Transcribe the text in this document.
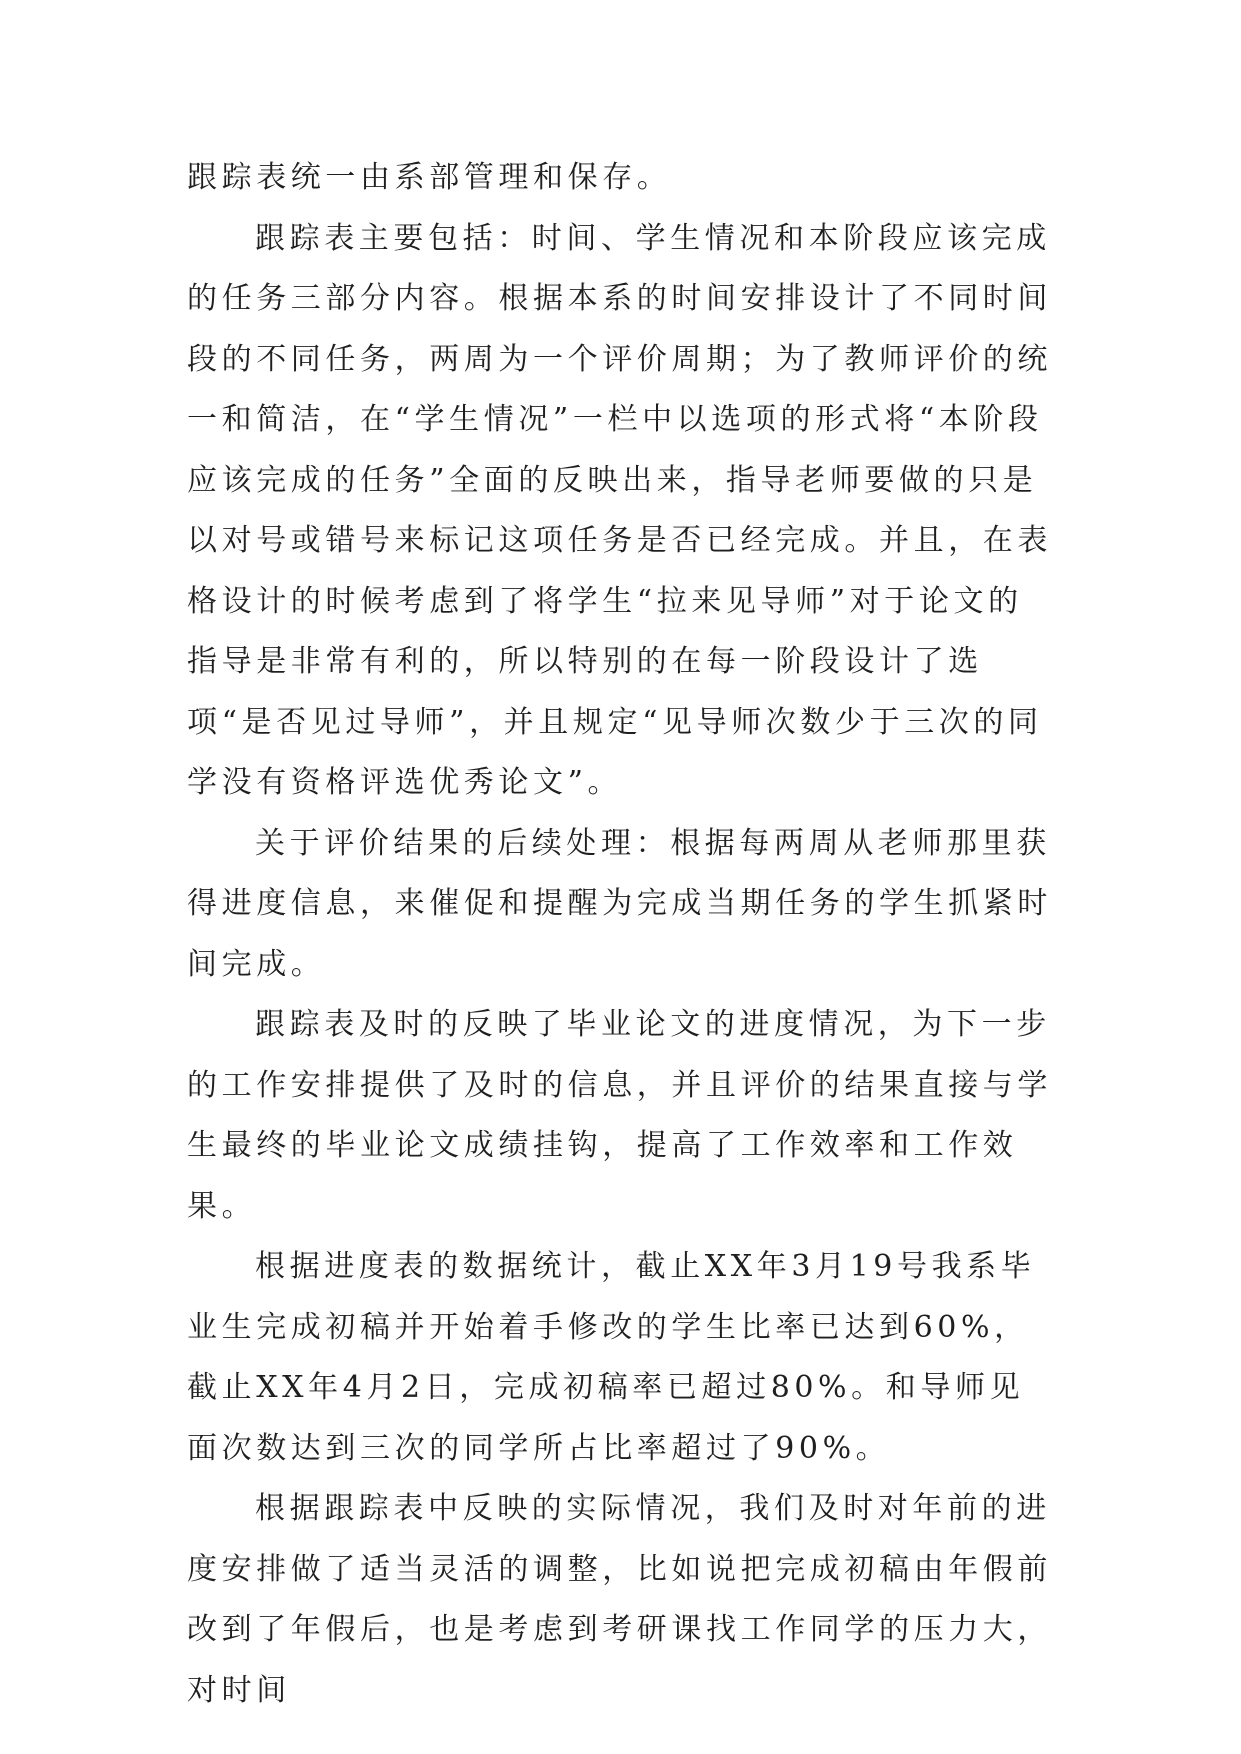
跟踪表统一由系部管理和保存。

跟踪表主要包括：时间、学生情况和本阶段应该完成的任务三部分内容。根据本系的时间安排设计了不同时间段的不同任务，两周为一个评价周期；为了教师评价的统一和简洁，在“学生情况”一栏中以选项的形式将“本阶段应该完成的任务”全面的反映出来，指导老师要做的只是以对号或错号来标记这项任务是否已经完成。并且，在表格设计的时候考虑到了将学生“拉来见导师”对于论文的指导是非常有利的，所以特别的在每一阶段设计了选项“是否见过导师”，并且规定“见导师次数少于三次的同学没有资格评选优秀论文”。

关于评价结果的后续处理：根据每两周从老师那里获得进度信息，来催促和提醒为完成当期任务的学生抓紧时间完成。

跟踪表及时的反映了毕业论文的进度情况，为下一步的工作安排提供了及时的信息，并且评价的结果直接与学生最终的毕业论文成绩挂钩，提高了工作效率和工作效果。

根据进度表的数据统计，截止XX年3月19号我系毕业生完成初稿并开始着手修改的学生比率已达到60%，截止XX年4月2日，完成初稿率已超过80%。和导师见面次数达到三次的同学所占比率超过了90%。

根据跟踪表中反映的实际情况，我们及时对年前的进度安排做了适当灵活的调整，比如说把完成初稿由年假前改到了年假后，也是考虑到考研课找工作同学的压力大，对时间
